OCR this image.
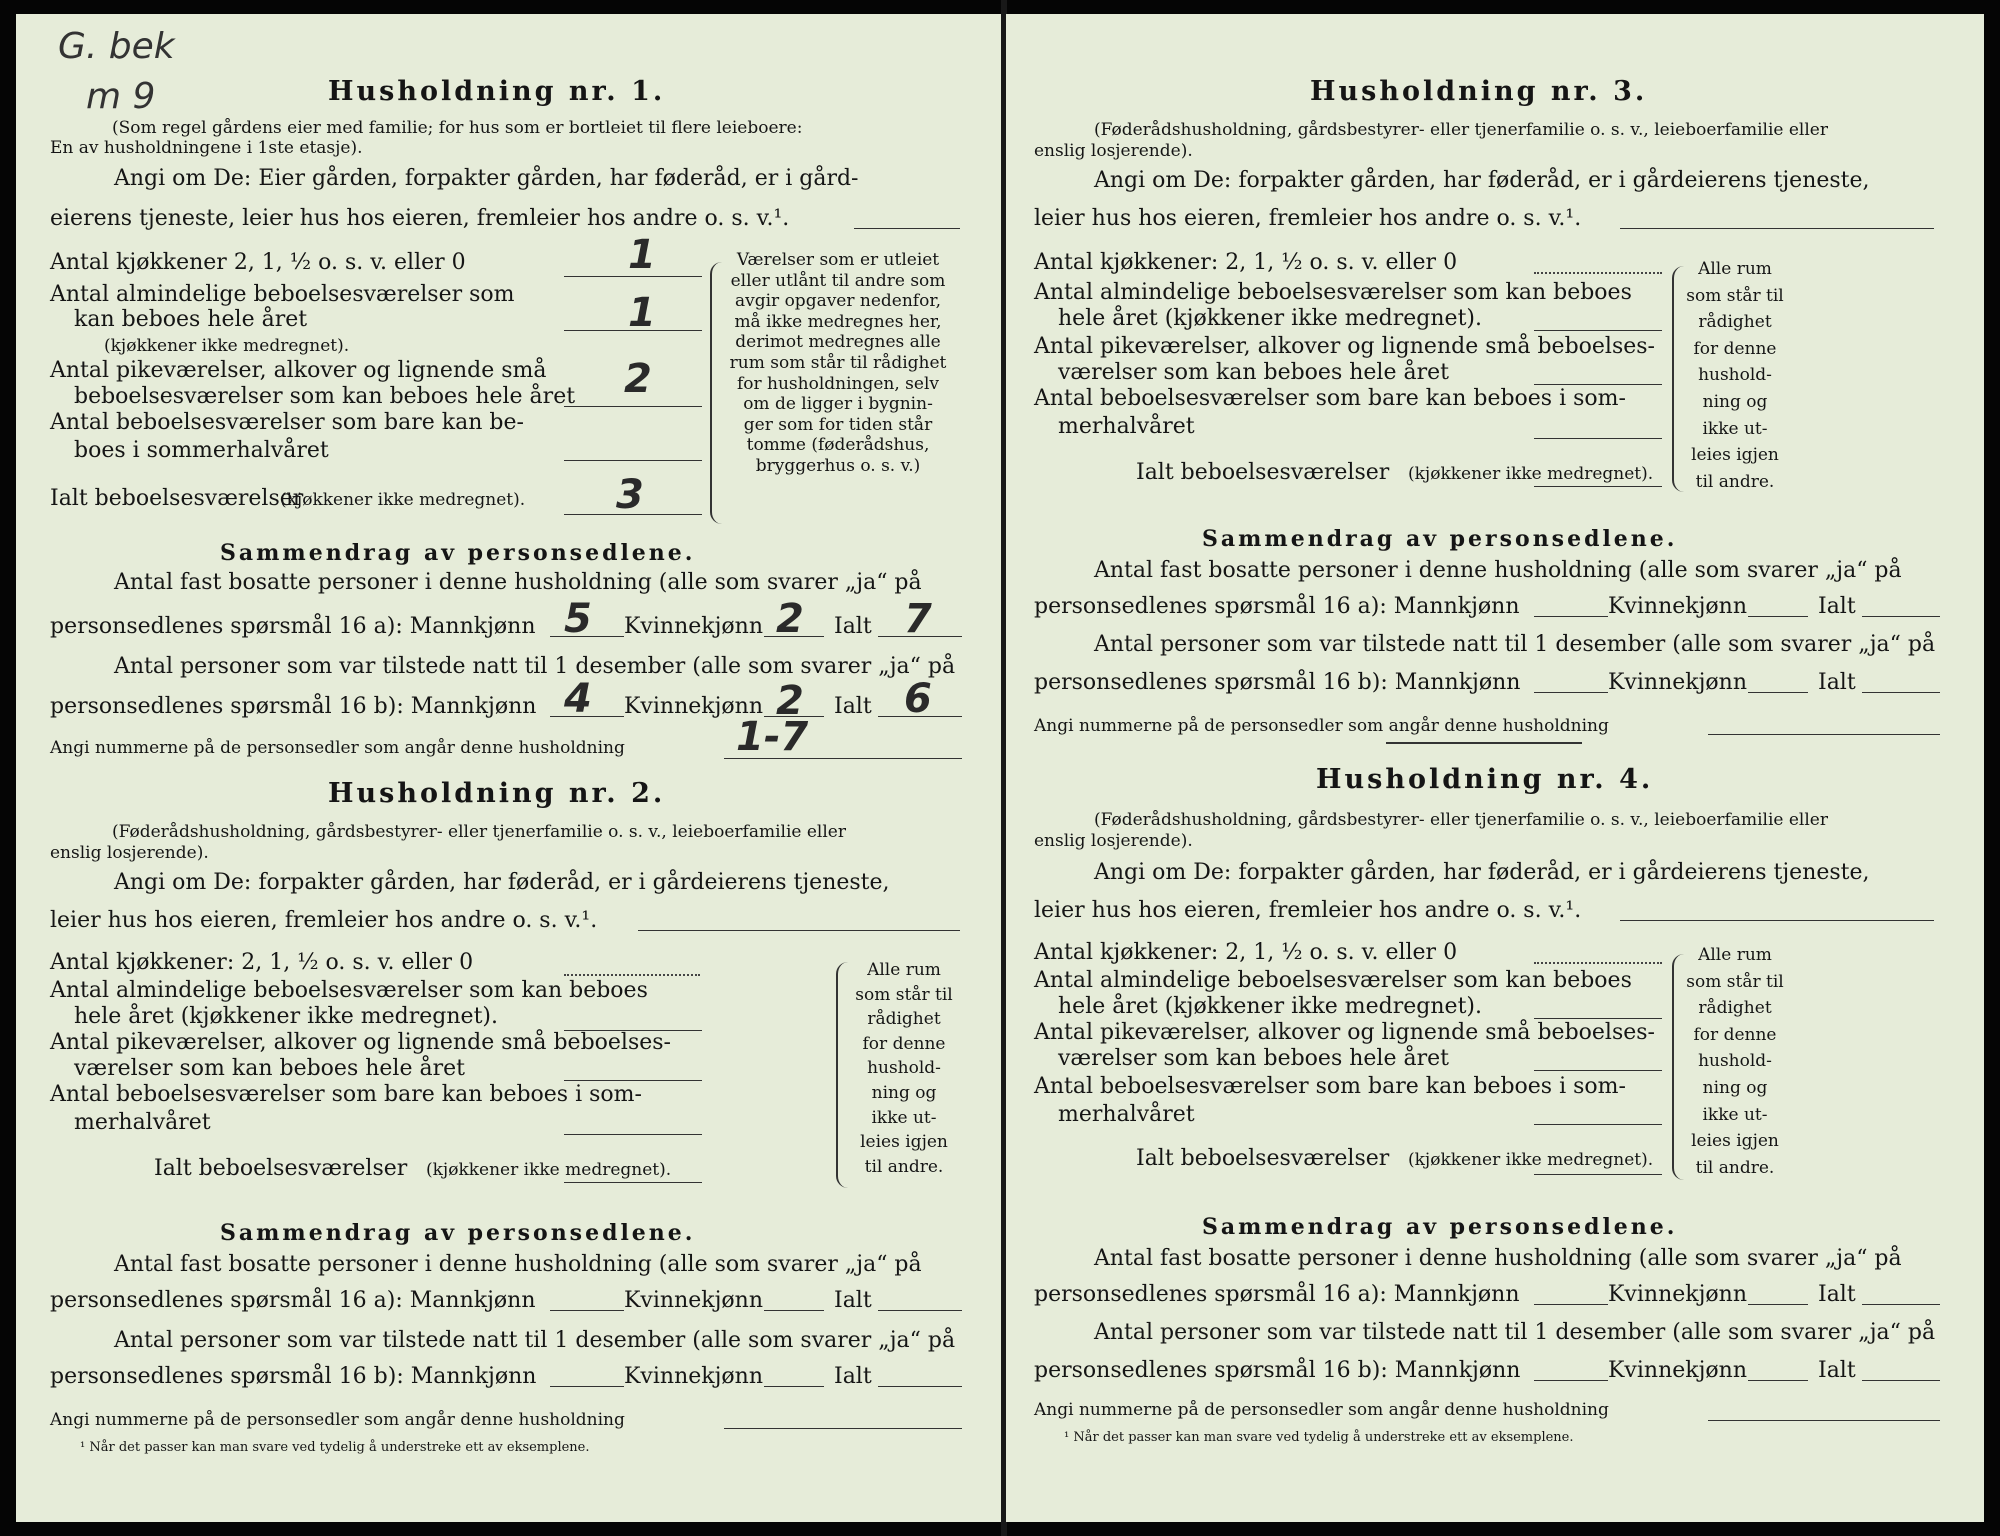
G. bek
m 9	Husholdning nr. 1.
(Som regel gårdens eier med familie; for hus som er bortleiet til flere leieboere:
En av husholdningene i 1ste etasje).
Angi om De: Eier gården, forpakter gården, har føderåd, er i gård-
eierens tjeneste, leier hus hos eieren, fremleier hos andre o. s. v.¹.
Antal kjøkkener 2, 1, ½ o. s. v. eller 0	1
Antal almindelige beboelsesværelser som
kan beboes hele året
(kjøkkener ikke medregnet).
1
Antal pikeværelser, alkover og lignende små
beboelsesværelser som kan beboes hele året 2
Antal beboelsesværelser som bare kan be-
boes i sommerhalvåret
Ialt beboelsesværelser
(kjøkkener ikke medregnet). 3
Værelser som er utleiet
eller utlånt til andre som
avgir opgaver nedenfor,
må ikke medregnes her,
derimot medregnes alle
rum som står til rådighet
for husholdningen, selv
om de ligger i bygnin-
ger som for tiden står
tomme (føderådshus,
bryggerhus o. s. v.)
Sammendrag av personsedlene.
Antal fast bosatte personer i denne husholdning (alle som svarer „ja“ på
personsedlenes spørsmål 16 a): Mannkjønn 5 Kvinnekjønn 2 Ialt 7
Antal personer som var tilstede natt til 1 desember (alle som svarer „ja“ på
personsedlenes spørsmål 16 b): Mannkjønn 4 Kvinnekjønn 2 Ialt 6
Angi nummerne på de personsedler som angår denne husholdning	1-7
Husholdning nr. 2.
(Føderådshusholdning, gårdsbestyrer- eller tjenerfamilie o. s. v., leieboerfamilie eller
enslig losjerende).
Angi om De: forpakter gården, har føderåd, er i gårdeierens tjeneste,
leier hus hos eieren, fremleier hos andre o. s. v.¹.
Antal kjøkkener: 2, 1, ½ o. s. v. eller 0
Antal almindelige beboelsesværelser som kan beboes
hele året (kjøkkener ikke medregnet).
Antal pikeværelser, alkover og lignende små beboelses-
værelser som kan beboes hele året
Antal beboelsesværelser som bare kan beboes i som-
merhalvåret
Ialt beboelsesværelser (kjøkkener ikke medregnet).
Alle rum
som står til
rådighet
for denne
hushold-
ning og
ikke ut-
leies igjen
til andre.
Sammendrag av personsedlene.
Antal fast bosatte personer i denne husholdning (alle som svarer „ja“ på
personsedlenes spørsmål 16 a): Mannkjønn	Kvinnekjønn	Ialt
Antal personer som var tilstede natt til 1 desember (alle som svarer „ja“ på
personsedlenes spørsmål 16 b): Mannkjønn	Kvinnekjønn	Ialt
Angi nummerne på de personsedler som angår denne husholdning
¹ Når det passer kan man svare ved tydelig å understreke ett av eksemplene.
Husholdning nr. 3.
(Føderådshusholdning, gårdsbestyrer- eller tjenerfamilie o. s. v., leieboerfamilie eller
enslig losjerende).
Angi om De: forpakter gården, har føderåd, er i gårdeierens tjeneste,
leier hus hos eieren, fremleier hos andre o. s. v.¹.
Antal kjøkkener: 2, 1, ½ o. s. v. eller 0
Antal almindelige beboelsesværelser som kan beboes
hele året (kjøkkener ikke medregnet).
Antal pikeværelser, alkover og lignende små beboelses-
værelser som kan beboes hele året
Antal beboelsesværelser som bare kan beboes i som-
merhalvåret
Ialt beboelsesværelser (kjøkkener ikke medregnet).
Alle rum
som står til
rådighet
for denne
hushold-
ning og
ikke ut-
leies igjen
til andre.
Sammendrag av personsedlene.
Antal fast bosatte personer i denne husholdning (alle som svarer „ja“ på
personsedlenes spørsmål 16 a): Mannkjønn	Kvinnekjønn	Ialt
Antal personer som var tilstede natt til 1 desember (alle som svarer „ja“ på
personsedlenes spørsmål 16 b): Mannkjønn	Kvinnekjønn	Ialt
Angi nummerne på de personsedler som angår denne husholdning
Husholdning nr. 4.
(Føderådshusholdning, gårdsbestyrer- eller tjenerfamilie o. s. v., leieboerfamilie eller
enslig losjerende).
Angi om De: forpakter gården, har føderåd, er i gårdeierens tjeneste,
leier hus hos eieren, fremleier hos andre o. s. v.¹.
Antal kjøkkener: 2, 1, ½ o. s. v. eller 0
Antal almindelige beboelsesværelser som kan beboes
hele året (kjøkkener ikke medregnet).
Antal pikeværelser, alkover og lignende små beboelses-
værelser som kan beboes hele året
Antal beboelsesværelser som bare kan beboes i som-
merhalvåret
Ialt beboelsesværelser (kjøkkener ikke medregnet).
Alle rum
som står til
rådighet
for denne
hushold-
ning og
ikke ut-
leies igjen
til andre.
Sammendrag av personsedlene.
Antal fast bosatte personer i denne husholdning (alle som svarer „ja“ på
personsedlenes spørsmål 16 a): Mannkjønn	Kvinnekjønn	Ialt
Antal personer som var tilstede natt til 1 desember (alle som svarer „ja“ på
personsedlenes spørsmål 16 b): Mannkjønn	Kvinnekjønn	Ialt
Angi nummerne på de personsedler som angår denne husholdning
¹ Når det passer kan man svare ved tydelig å understreke ett av eksemplene.
